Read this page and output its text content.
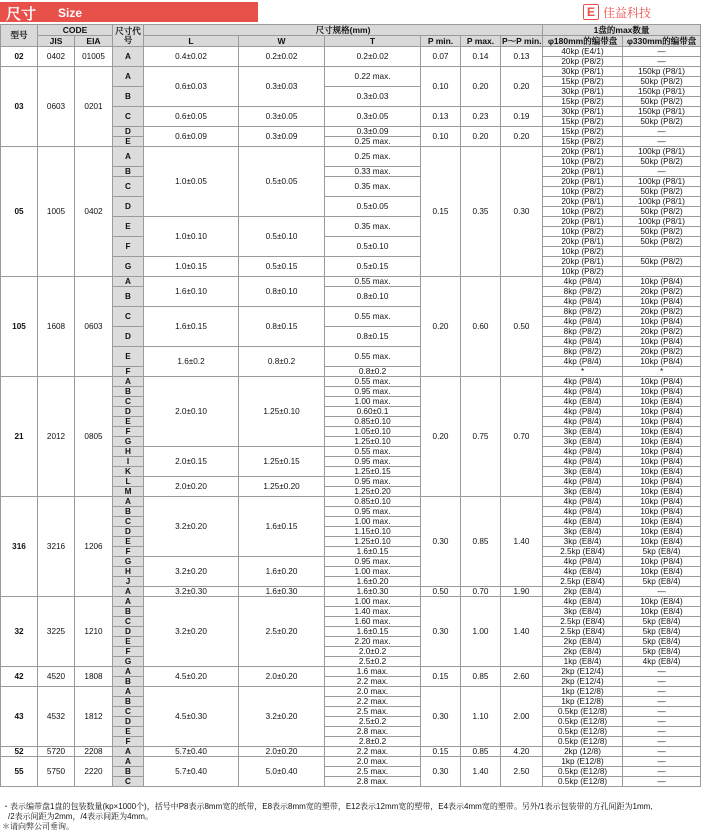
尺寸 Size	E 佳益科技
型号	CODE		尺寸代号	尺寸规格(mm)						1盘的max数量	
	JIS	EIA		L	W	T	P min.	P max.	P～P min.	φ180mm的编带盘	φ330mm的编带盘
02	0402	01005	A	0.4±0.02	0.2±0.02	0.2±0.02	0.07	0.14	0.13	40kp (E4/1)	—
										20kp (P8/2)	—
03	0603	0201	A	0.6±0.03	0.3±0.03	0.22 max.	0.10	0.20	0.20	30kp (P8/1)	150kp (P8/1)
										15kp (P8/2)	50kp (P8/2)
			B			0.3±0.03				30kp (P8/1)	150kp (P8/1)
										15kp (P8/2)	50kp (P8/2)
			C	0.6±0.05	0.3±0.05	0.3±0.05	0.13	0.23	0.19	30kp (P8/1)	150kp (P8/1)
										15kp (P8/2)	50kp (P8/2)
			D	0.6±0.09	0.3±0.09	0.3±0.09	0.10	0.20	0.20	15kp (P8/2)	—
			E			0.25 max.				15kp (P8/2)	—
05	1005	0402	A	1.0±0.05	0.5±0.05	0.25 max.	0.15	0.35	0.30	20kp (P8/1)	100kp (P8/1)
										10kp (P8/2)	50kp (P8/2)
			B			0.33 max.				20kp (P8/1)	—
			C			0.35 max.				20kp (P8/1)	100kp (P8/1)
										10kp (P8/2)	50kp (P8/2)
			D			0.5±0.05				20kp (P8/1)	100kp (P8/1)
										10kp (P8/2)	50kp (P8/2)
			E	1.0±0.10	0.5±0.10	0.35 max.				20kp (P8/1)	100kp (P8/1)
										10kp (P8/2)	50kp (P8/2)
			F			0.5±0.10				20kp (P8/1)	50kp (P8/2)
										10kp (P8/2)	
			G	1.0±0.15	0.5±0.15	0.5±0.15				20kp (P8/1)	50kp (P8/2)
										10kp (P8/2)	
105	1608	0603	A	1.6±0.10	0.8±0.10	0.55 max.	0.20	0.60	0.50	4kp (P8/4)	10kp (P8/4)
			B			0.8±0.10				8kp (P8/2)	20kp (P8/2)
										4kp (P8/4)	10kp (P8/4)
			C	1.6±0.15	0.8±0.15	0.55 max.				8kp (P8/2)	20kp (P8/2)
										4kp (P8/4)	10kp (P8/4)
			D			0.8±0.15				8kp (P8/2)	20kp (P8/2)
										4kp (P8/4)	10kp (P8/4)
			E	1.6±0.2	0.8±0.2	0.55 max.				8kp (P8/2)	20kp (P8/2)
										4kp (P8/4)	10kp (P8/4)
			F			0.8±0.2				*	*
21	2012	0805	A	2.0±0.10	1.25±0.10	0.55 max.	0.20	0.75	0.70	4kp (P8/4)	10kp (P8/4)
			B			0.95 max.				4kp (P8/4)	10kp (P8/4)
			C			1.00 max.				4kp (E8/4)	10kp (E8/4)
			D			0.60±0.1				4kp (P8/4)	10kp (P8/4)
			E			0.85±0.10				4kp (P8/4)	10kp (P8/4)
			F			1.05±0.10				3kp (E8/4)	10kp (E8/4)
			G			1.25±0.10				3kp (E8/4)	10kp (E8/4)
			H	2.0±0.15	1.25±0.15	0.55 max.				4kp (P8/4)	10kp (P8/4)
			I			0.95 max.				4kp (P8/4)	10kp (P8/4)
			K			1.25±0.15				3kp (E8/4)	10kp (E8/4)
			L	2.0±0.20	1.25±0.20	0.95 max.				4kp (P8/4)	10kp (P8/4)
			M			1.25±0.20				3kp (E8/4)	10kp (E8/4)
316	3216	1206	A	3.2±0.20	1.6±0.15	0.85±0.10	0.30	0.85	1.40	4kp (P8/4)	10kp (P8/4)
			B			0.95 max.				4kp (P8/4)	10kp (P8/4)
			C			1.00 max.				4kp (E8/4)	10kp (E8/4)
			D			1.15±0.10				3kp (E8/4)	10kp (E8/4)
			E			1.25±0.10				3kp (E8/4)	10kp (E8/4)
			F			1.6±0.15				2.5kp (E8/4)	5kp (E8/4)
			G	3.2±0.20	1.6±0.20	0.95 max.				4kp (P8/4)	10kp (P8/4)
			H			1.00 max.				4kp (E8/4)	10kp (E8/4)
			J			1.6±0.20				2.5kp (E8/4)	5kp (E8/4)
			A	3.2±0.30	1.6±0.30	1.6±0.30	0.50	0.70	1.90	2kp (E8/4)	—
32	3225	1210	A	3.2±0.20	2.5±0.20	1.00 max.	0.30	1.00	1.40	4kp (E8/4)	10kp (E8/4)
			B			1.40 max.				3kp (E8/4)	10kp (E8/4)
			C			1.60 max.				2.5kp (E8/4)	5kp (E8/4)
			D			1.6±0.15				2.5kp (E8/4)	5kp (E8/4)
			E			2.20 max.				2kp (E8/4)	5kp (E8/4)
			F			2.0±0.2				2kp (E8/4)	5kp (E8/4)
			G			2.5±0.2				1kp (E8/4)	4kp (E8/4)
42	4520	1808	A	4.5±0.20	2.0±0.20	1.6 max.	0.15	0.85	2.60	2kp (E12/4)	—
			B			2.2 max.				2kp (E12/4)	—
43	4532	1812	A	4.5±0.30	3.2±0.20	2.0 max.	0.30	1.10	2.00	1kp (E12/8)	—
			B			2.2 max.				1kp (E12/8)	—
			C			2.5 max.				0.5kp (E12/8)	—
			D			2.5±0.2				0.5kp (E12/8)	—
			E			2.8 max.				0.5kp (E12/8)	—
			F			2.8±0.2				0.5kp (E12/8)	—
52	5720	2208	A	5.7±0.40	2.0±0.20	2.2 max.	0.15	0.85	4.20	2kp (12/8)	—
55	5750	2220	A	5.7±0.40	5.0±0.40	2.0 max.	0.30	1.40	2.50	1kp (E12/8)	—
			B			2.5 max.				0.5kp (E12/8)	—
			C			2.8 max.				0.5kp (E12/8)	—
・表示编带盘1盘的包装数量(kp×1000个)，括号中P8表示8mm宽的纸带，E8表示8mm宽的塑带，E12表示12mm宽的塑带，E4表示4mm宽的塑带。另外/1表示包装带的方孔间距为1mm,
/2表示间距为2mm，/4表示间距为4mm。
＊请向弊公司垂询。
